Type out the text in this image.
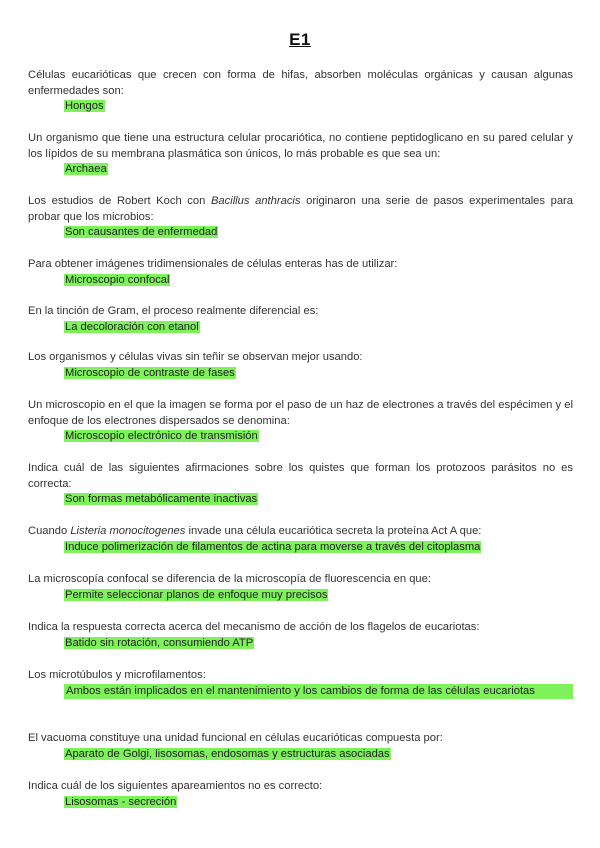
E1

Células eucarióticas que crecen con forma de hifas, absorben moléculas orgánicas y causan algunas enfermedades son:

Hongos

Un organismo que tiene una estructura celular procariótica, no contiene peptidoglicano en su pared celular y los lípidos de su membrana plasmática son únicos, lo más probable es que sea un:

Archaea

Los estudios de Robert Koch con Bacillus anthracis originaron una serie de pasos experimentales para probar que los microbios:

Son causantes de enfermedad

Para obtener imágenes tridimensionales de células enteras has de utilizar:

Microscopio confocal

En la tinción de Gram, el proceso realmente diferencial es:

La decoloración con etanol

Los organismos y células vivas sin teñir se observan mejor usando:

Microscopio de contraste de fases

Un microscopio en el que la imagen se forma por el paso de un haz de electrones a través del espécimen y el enfoque de los electrones dispersados se denomina:

Microscopio electrónico de transmisión

Indica cuál de las siguientes afirmaciones sobre los quistes que forman los protozoos parásitos no es correcta:

Son formas metabólicamente inactivas

Cuando Listeria monocitogenes invade una célula eucariótica secreta la proteína Act A que:

Induce polimerización de filamentos de actina para moverse a través del citoplasma

La microscopía confocal se diferencia de la microscopía de fluorescencia en que:

Permite seleccionar planos de enfoque muy precisos

Indica la respuesta correcta acerca del mecanismo de acción de los flagelos de eucariotas:

Batido sin rotación, consumiendo ATP

Los microtúbulos y microfilamentos:

Ambos están implicados en el mantenimiento y los cambios de forma de las células eucariotas

El vacuoma constituye una unidad funcional en células eucarióticas compuesta por:

Aparato de Golgi, lisosomas, endosomas y estructuras asociadas

Indica cuál de los siguientes apareamientos no es correcto:

Lisosomas - secreción
